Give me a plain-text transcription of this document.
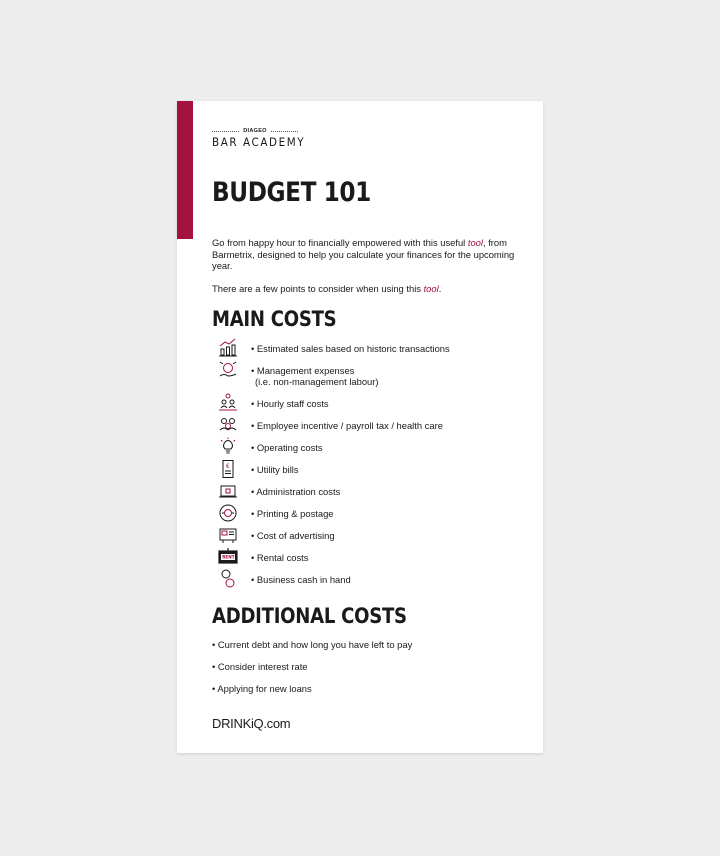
DIAGEO
BAR ACADEMY
BUDGET 101

Go from happy hour to financially empowered with this useful tool, from Barmetrix, designed to help you calculate your finances for the upcoming year.

There are a few points to consider when using this tool.

MAIN COSTS
• Estimated sales based on historic transactions
• Management expenses
(i.e. non-management labour)
• Hourly staff costs
• Employee incentive / payroll tax / health care
• Operating costs
€ • Utility bills
• Administration costs
• Printing & postage
• Cost of advertising
RENT • Rental costs
• Business cash in hand
ADDITIONAL COSTS
• Current debt and how long you have left to pay
• Consider interest rate
• Applying for new loans
DRINKiQ.com
